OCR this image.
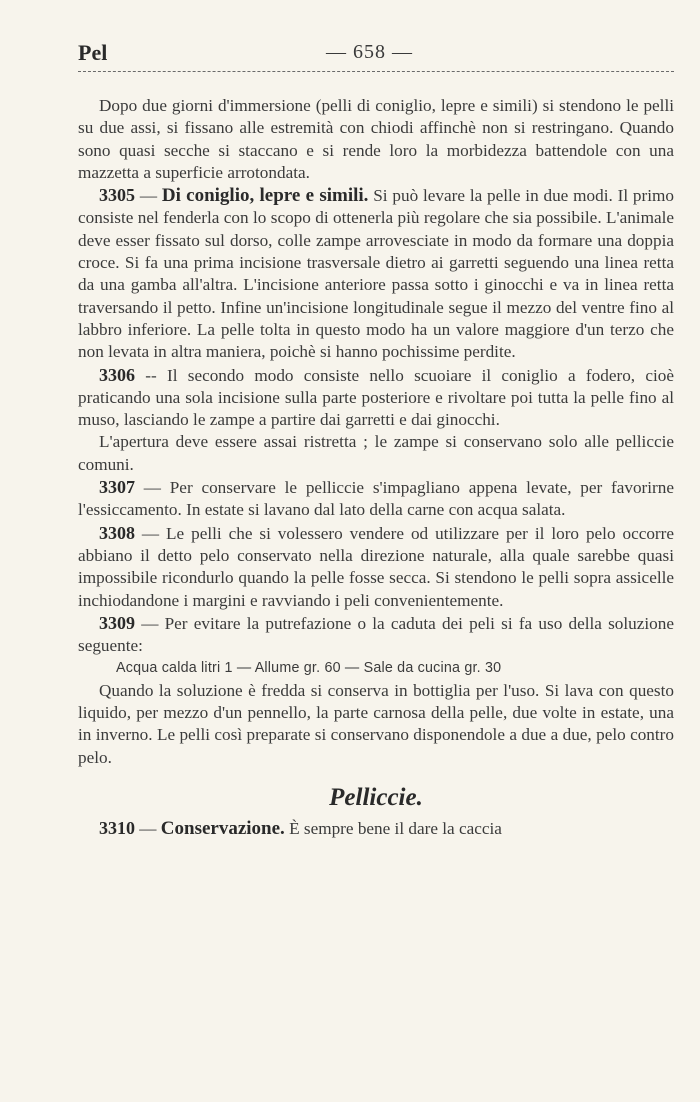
Pel	— 658 —

Dopo due giorni d'immersione (pelli di coniglio, lepre e simili) si stendono le pelli su due assi, si fissano alle estremità con chiodi affinchè non si restringano. Quando sono quasi secche si staccano e si rende loro la morbidezza battendole con una mazzetta a superficie arrotondata.

3305 — Di coniglio, lepre e simili. Si può levare la pelle in due modi. Il primo consiste nel fenderla con lo scopo di ottenerla più regolare che sia possibile. L'animale deve esser fissato sul dorso, colle zampe arrovesciate in modo da formare una doppia croce. Si fa una prima incisione trasversale dietro ai garretti seguendo una linea retta da una gamba all'altra. L'incisione anteriore passa sotto i ginocchi e va in linea retta traversando il petto. Infine un'incisione longitudinale segue il mezzo del ventre fino al labbro inferiore. La pelle tolta in questo modo ha un valore maggiore d'un terzo che non levata in altra maniera, poichè si hanno pochissime perdite.

3306 -- Il secondo modo consiste nello scuoiare il coniglio a fodero, cioè praticando una sola incisione sulla parte posteriore e rivoltare poi tutta la pelle fino al muso, lasciando le zampe a partire dai garretti e dai ginocchi.

L'apertura deve essere assai ristretta ; le zampe si conservano solo alle pelliccie comuni.

3307 — Per conservare le pelliccie s'impagliano appena levate, per favorirne l'essiccamento. In estate si lavano dal lato della carne con acqua salata.

3308 — Le pelli che si volessero vendere od utilizzare per il loro pelo occorre abbiano il detto pelo conservato nella direzione naturale, alla quale sarebbe quasi impossibile ricondurlo quando la pelle fosse secca. Si stendono le pelli sopra assicelle inchiodandone i margini e ravviando i peli convenientemente.

3309 — Per evitare la putrefazione o la caduta dei peli si fa uso della soluzione seguente:

Acqua calda litri 1 — Allume gr. 60 — Sale da cucina gr. 30

Quando la soluzione è fredda si conserva in bottiglia per l'uso. Si lava con questo liquido, per mezzo d'un pennello, la parte carnosa della pelle, due volte in estate, una in inverno. Le pelli così preparate si conservano disponendole a due a due, pelo contro pelo.

Pelliccie.

3310 — Conservazione. È sempre bene il dare la caccia
